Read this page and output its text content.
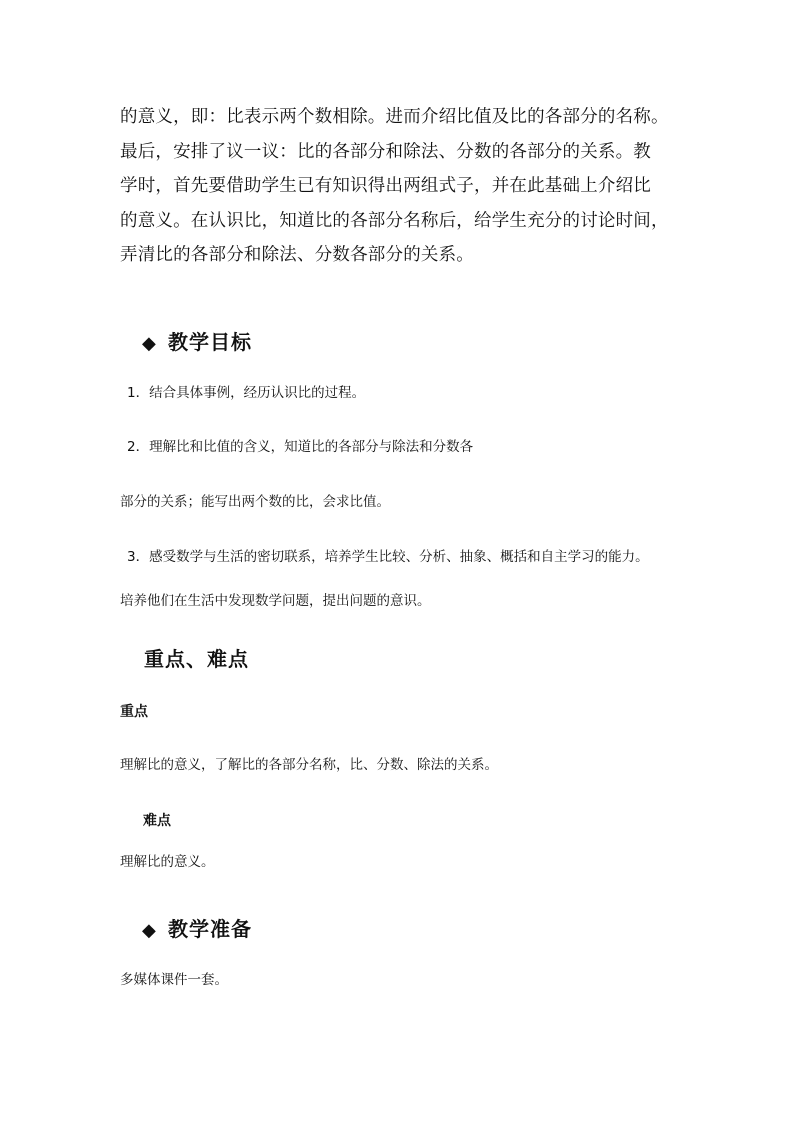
的意义，即：比表示两个数相除。进而介绍比值及比的各部分的名称。
最后，安排了议一议：比的各部分和除法、分数的各部分的关系。教
学时，首先要借助学生已有知识得出两组式子，并在此基础上介绍比
的意义。在认识比，知道比的各部分名称后，给学生充分的讨论时间，
弄清比的各部分和除法、分数各部分的关系。
◆ 教学目标
1．结合具体事例，经历认识比的过程。
2．理解比和比值的含义，知道比的各部分与除法和分数各
部分的关系；能写出两个数的比，会求比值。
3．感受数学与生活的密切联系，培养学生比较、分析、抽象、概括和自主学习的能力。
培养他们在生活中发现数学问题，提出问题的意识。
重点、难点
重点
理解比的意义，了解比的各部分名称，比、分数、除法的关系。
难点
理解比的意义。
◆ 教学准备
多媒体课件一套。
